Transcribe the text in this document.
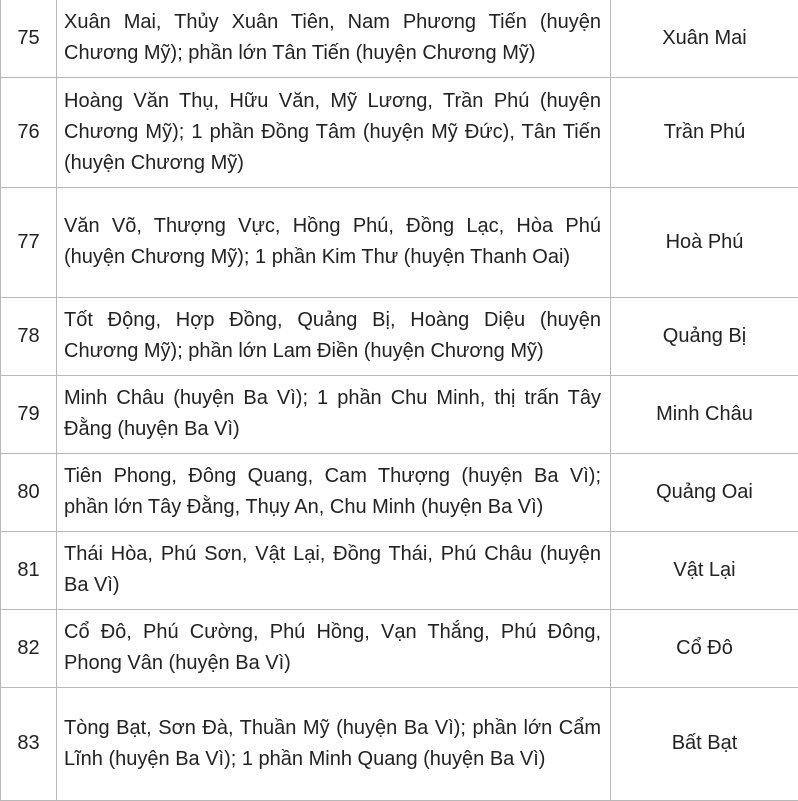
75	Xuân Mai, Thủy Xuân Tiên, Nam Phương Tiến (huyện Chương Mỹ); phần lớn Tân Tiến (huyện Chương Mỹ)	Xuân Mai
76	Hoàng Văn Thụ, Hữu Văn, Mỹ Lương, Trần Phú (huyện Chương Mỹ); 1 phần Đồng Tâm (huyện Mỹ Đức), Tân Tiến (huyện Chương Mỹ)	Trần Phú
77	Văn Võ, Thượng Vực, Hồng Phú, Đồng Lạc, Hòa Phú (huyện Chương Mỹ); 1 phần Kim Thư (huyện Thanh Oai)	Hoà Phú
78	Tốt Động, Hợp Đồng, Quảng Bị, Hoàng Diệu (huyện Chương Mỹ); phần lớn Lam Điền (huyện Chương Mỹ)	Quảng Bị
79	Minh Châu (huyện Ba Vì); 1 phần Chu Minh, thị trấn Tây Đằng (huyện Ba Vì)	Minh Châu
80	Tiên Phong, Đông Quang, Cam Thượng (huyện Ba Vì); phần lớn Tây Đằng, Thụy An, Chu Minh (huyện Ba Vì)	Quảng Oai
81	Thái Hòa, Phú Sơn, Vật Lại, Đồng Thái, Phú Châu (huyện Ba Vì)	Vật Lại
82	Cổ Đô, Phú Cường, Phú Hồng, Vạn Thắng, Phú Đông, Phong Vân (huyện Ba Vì)	Cổ Đô
83	Tòng Bạt, Sơn Đà, Thuần Mỹ (huyện Ba Vì); phần lớn Cẩm Lĩnh (huyện Ba Vì); 1 phần Minh Quang (huyện Ba Vì)	Bất Bạt
